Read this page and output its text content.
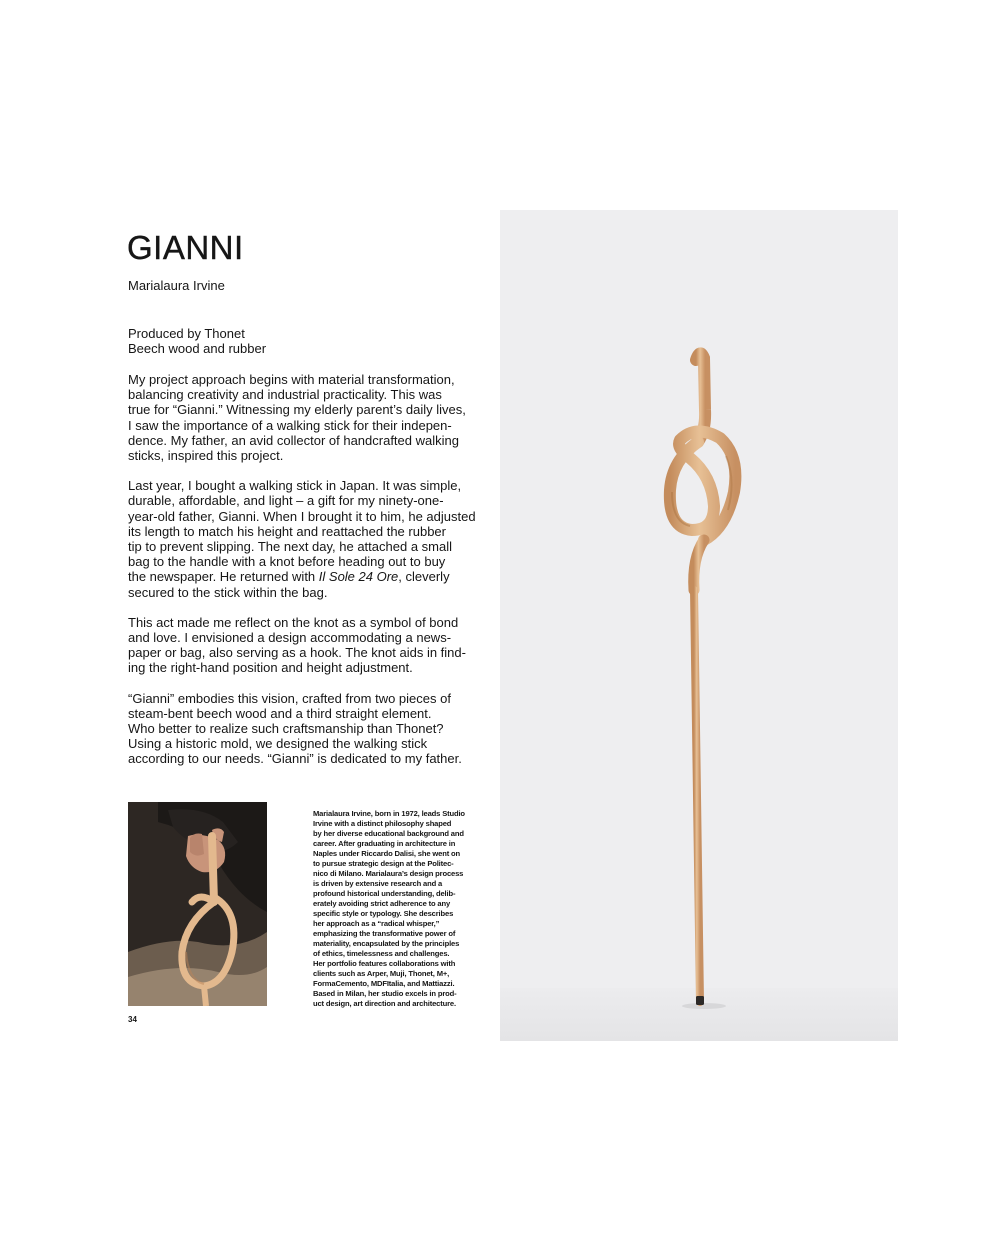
GIANNI
Marialaura Irvine
Produced by Thonet
Beech wood and rubber
My project approach begins with material transformation,
balancing creativity and industrial practicality. This was
true for “Gianni.” Witnessing my elderly parent’s daily lives,
I saw the importance of a walking stick for their indepen-
dence. My father, an avid collector of handcrafted walking
sticks, inspired this project.
Last year, I bought a walking stick in Japan. It was simple,
durable, affordable, and light – a gift for my ninety-one-
year-old father, Gianni. When I brought it to him, he adjusted
its length to match his height and reattached the rubber
tip to prevent slipping. The next day, he attached a small
bag to the handle with a knot before heading out to buy
the newspaper. He returned with Il Sole 24 Ore, cleverly
secured to the stick within the bag.
This act made me reflect on the knot as a symbol of bond
and love. I envisioned a design accommodating a news-
paper or bag, also serving as a hook. The knot aids in find-
ing the right-hand position and height adjustment.
“Gianni” embodies this vision, crafted from two pieces of
steam-bent beech wood and a third straight element.
Who better to realize such craftsmanship than Thonet?
Using a historic mold, we designed the walking stick
according to our needs. “Gianni” is dedicated to my father.
Marialaura Irvine, born in 1972, leads Studio
Irvine with a distinct philosophy shaped
by her diverse educational background and
career. After graduating in architecture in
Naples under Riccardo Dalisi, she went on
to pursue strategic design at the Politec-
nico di Milano. Marialaura’s design process
is driven by extensive research and a
profound historical understanding, delib-
erately avoiding strict adherence to any
specific style or typology. She describes
her approach as a “radical whisper,”
emphasizing the transformative power of
materiality, encapsulated by the principles
of ethics, timelessness and challenges.
Her portfolio features collaborations with
clients such as Arper, Muji, Thonet, M+,
FormaCemento, MDFItalia, and Mattiazzi.
Based in Milan, her studio excels in prod-
uct design, art direction and architecture.
34
